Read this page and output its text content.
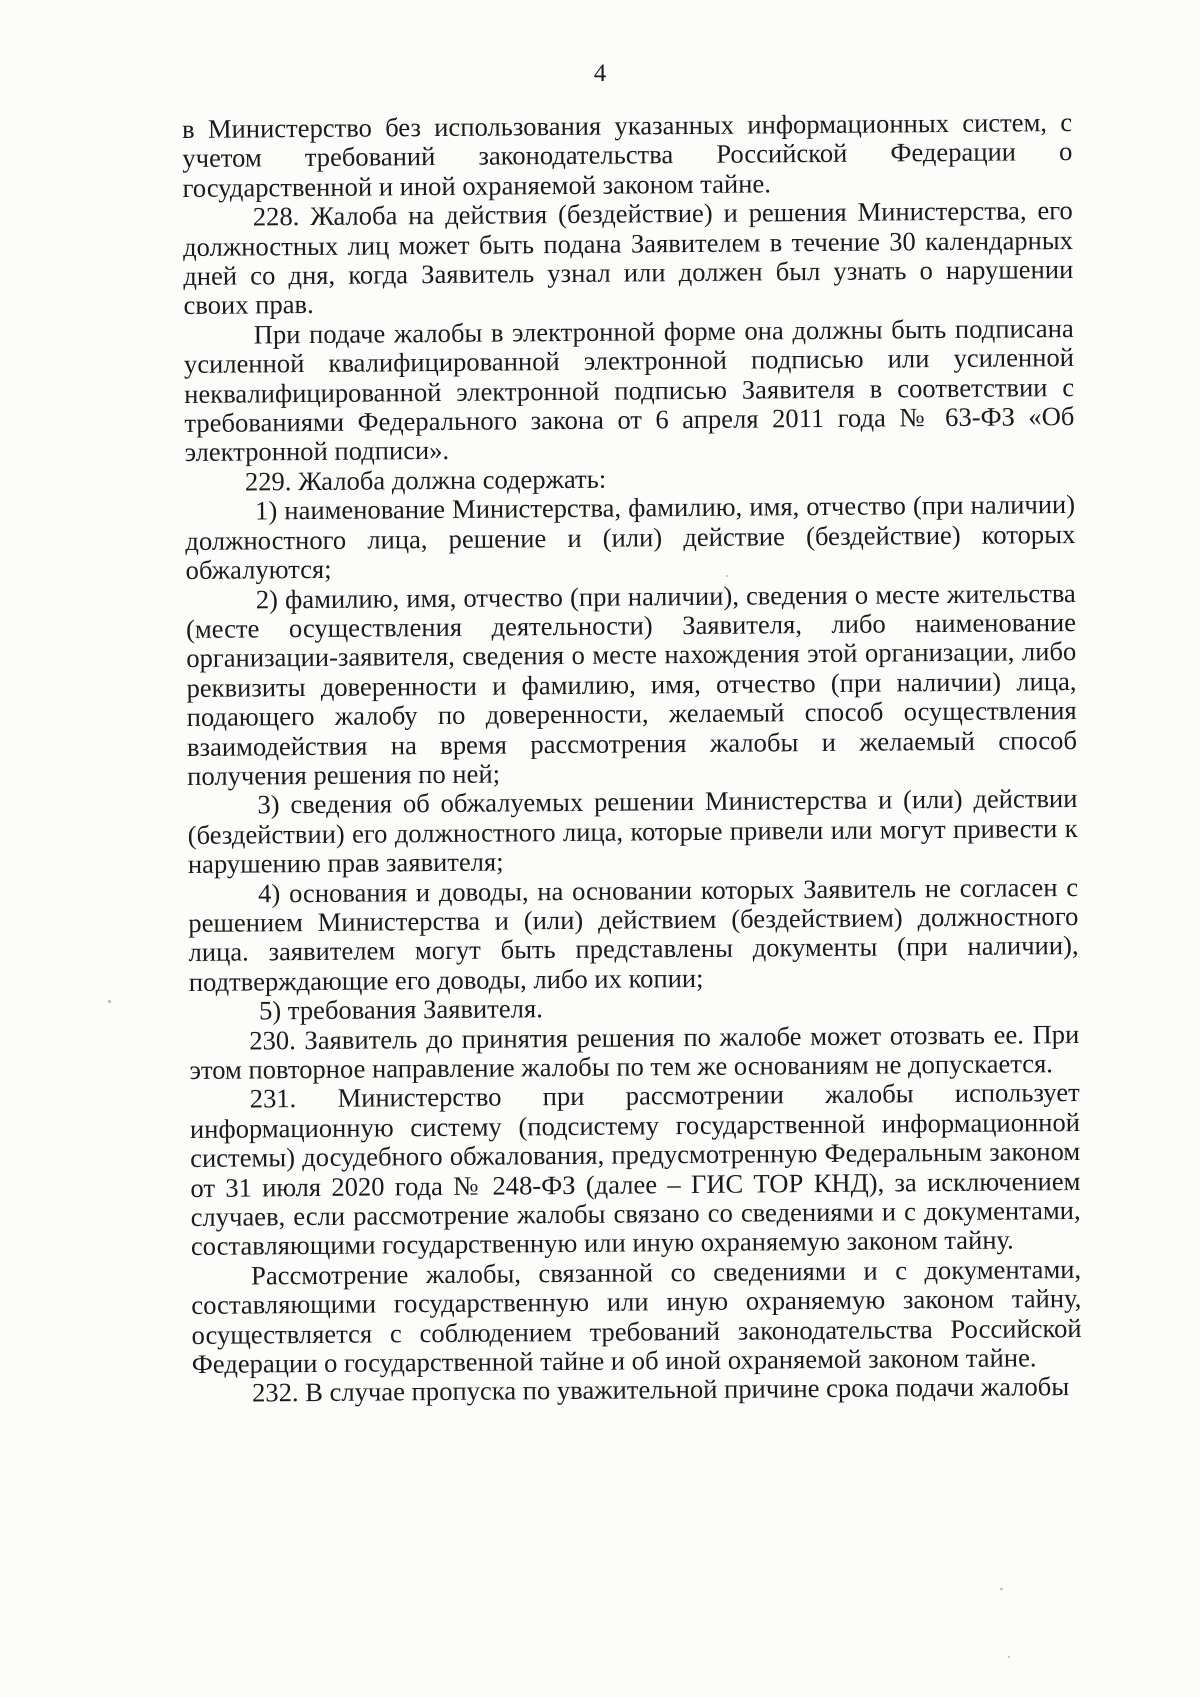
4

в Министерство без использования указанных информационных систем, с учетом требований законодательства Российской Федерации о государственной и иной охраняемой законом тайне.

228. Жалоба на действия (бездействие) и решения Министерства, его должностных лиц может быть подана Заявителем в течение 30 календарных дней со дня, когда Заявитель узнал или должен был узнать о нарушении своих прав.

При подаче жалобы в электронной форме она должны быть подписана усиленной квалифицированной электронной подписью или усиленной неквалифицированной электронной подписью Заявителя в соответствии с требованиями Федерального закона от 6 апреля 2011 года № 63-ФЗ «Об электронной подписи».

229. Жалоба должна содержать:

1) наименование Министерства, фамилию, имя, отчество (при наличии) должностного лица, решение и (или) действие (бездействие) которых обжалуются;

2) фамилию, имя, отчество (при наличии), сведения о месте жительства (месте осуществления деятельности) Заявителя, либо наименование организации-заявителя, сведения о месте нахождения этой организации, либо реквизиты доверенности и фамилию, имя, отчество (при наличии) лица, подающего жалобу по доверенности, желаемый способ осуществления взаимодействия на время рассмотрения жалобы и желаемый способ получения решения по ней;

3) сведения об обжалуемых решении Министерства и (или) действии (бездействии) его должностного лица, которые привели или могут привести к нарушению прав заявителя;

4) основания и доводы, на основании которых Заявитель не согласен с решением Министерства и (или) действием (бездействием) должностного лица. заявителем могут быть представлены документы (при наличии), подтверждающие его доводы, либо их копии;

5) требования Заявителя.

230. Заявитель до принятия решения по жалобе может отозвать ее. При этом повторное направление жалобы по тем же основаниям не допускается.

231. Министерство при рассмотрении жалобы использует информационную систему (подсистему государственной информационной системы) досудебного обжалования, предусмотренную Федеральным законом от 31 июля 2020 года № 248-ФЗ (далее – ГИС ТОР КНД), за исключением случаев, если рассмотрение жалобы связано со сведениями и с документами, составляющими государственную или иную охраняемую законом тайну.

Рассмотрение жалобы, связанной со сведениями и с документами, составляющими государственную или иную охраняемую законом тайну, осуществляется с соблюдением требований законодательства Российской Федерации о государственной тайне и об иной охраняемой законом тайне.

232. В случае пропуска по уважительной причине срока подачи жалобы
